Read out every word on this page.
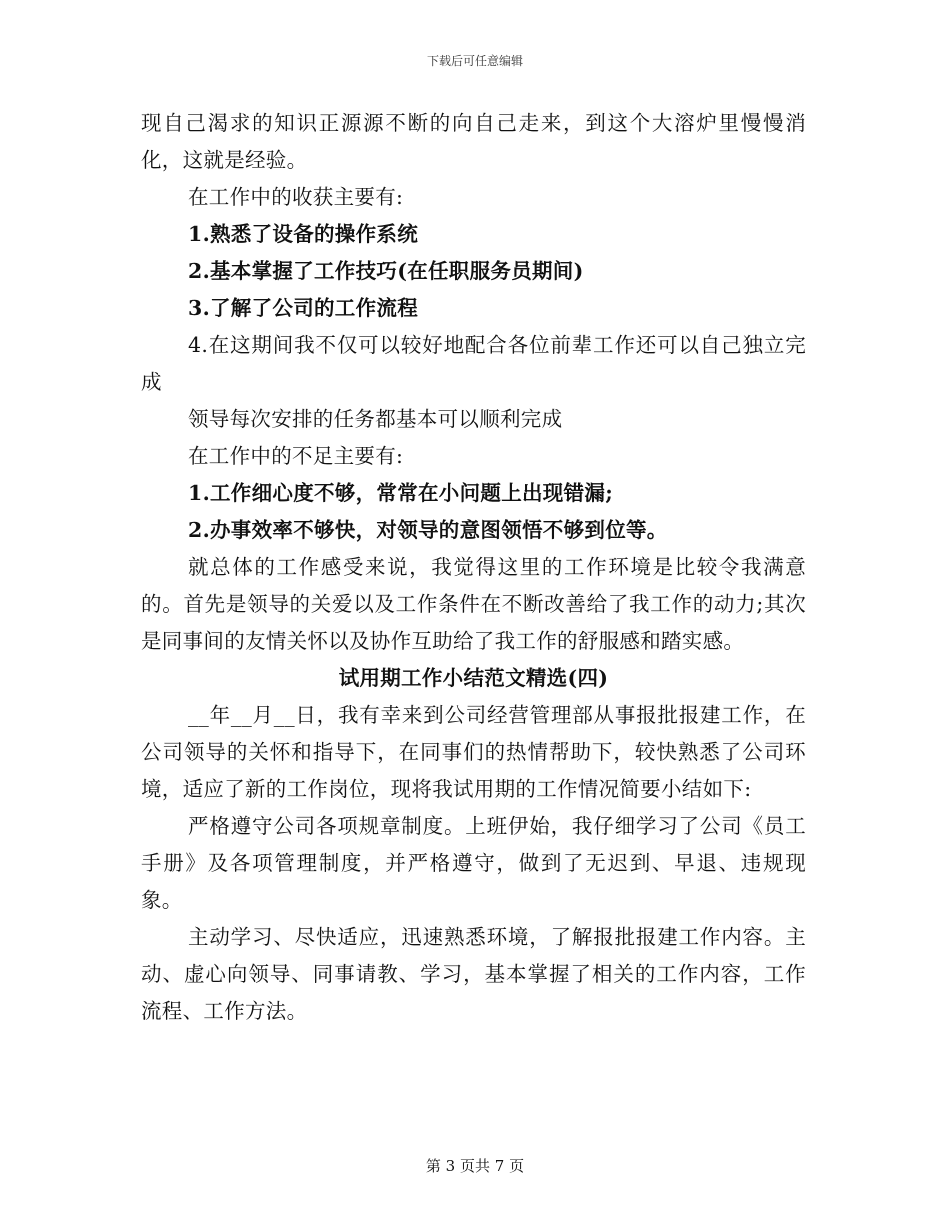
下载后可任意编辑

现自己渴求的知识正源源不断的向自己走来，到这个大溶炉里慢慢消化，这就是经验。

在工作中的收获主要有:

1.熟悉了设备的操作系统

2.基本掌握了工作技巧(在任职服务员期间)

3.了解了公司的工作流程

4.在这期间我不仅可以较好地配合各位前辈工作还可以自己独立完成

领导每次安排的任务都基本可以顺利完成

在工作中的不足主要有:

1.工作细心度不够，常常在小问题上出现错漏;

2.办事效率不够快，对领导的意图领悟不够到位等。

就总体的工作感受来说，我觉得这里的工作环境是比较令我满意的。首先是领导的关爱以及工作条件在不断改善给了我工作的动力;其次是同事间的友情关怀以及协作互助给了我工作的舒服感和踏实感。

试用期工作小结范文精选(四)

__年__月__日，我有幸来到公司经营管理部从事报批报建工作，在公司领导的关怀和指导下，在同事们的热情帮助下，较快熟悉了公司环境，适应了新的工作岗位，现将我试用期的工作情况简要小结如下:

严格遵守公司各项规章制度。上班伊始，我仔细学习了公司《员工手册》及各项管理制度，并严格遵守，做到了无迟到、早退、违规现象。

主动学习、尽快适应，迅速熟悉环境，了解报批报建工作内容。主动、虚心向领导、同事请教、学习，基本掌握了相关的工作内容，工作流程、工作方法。

第 3 页共 7 页
